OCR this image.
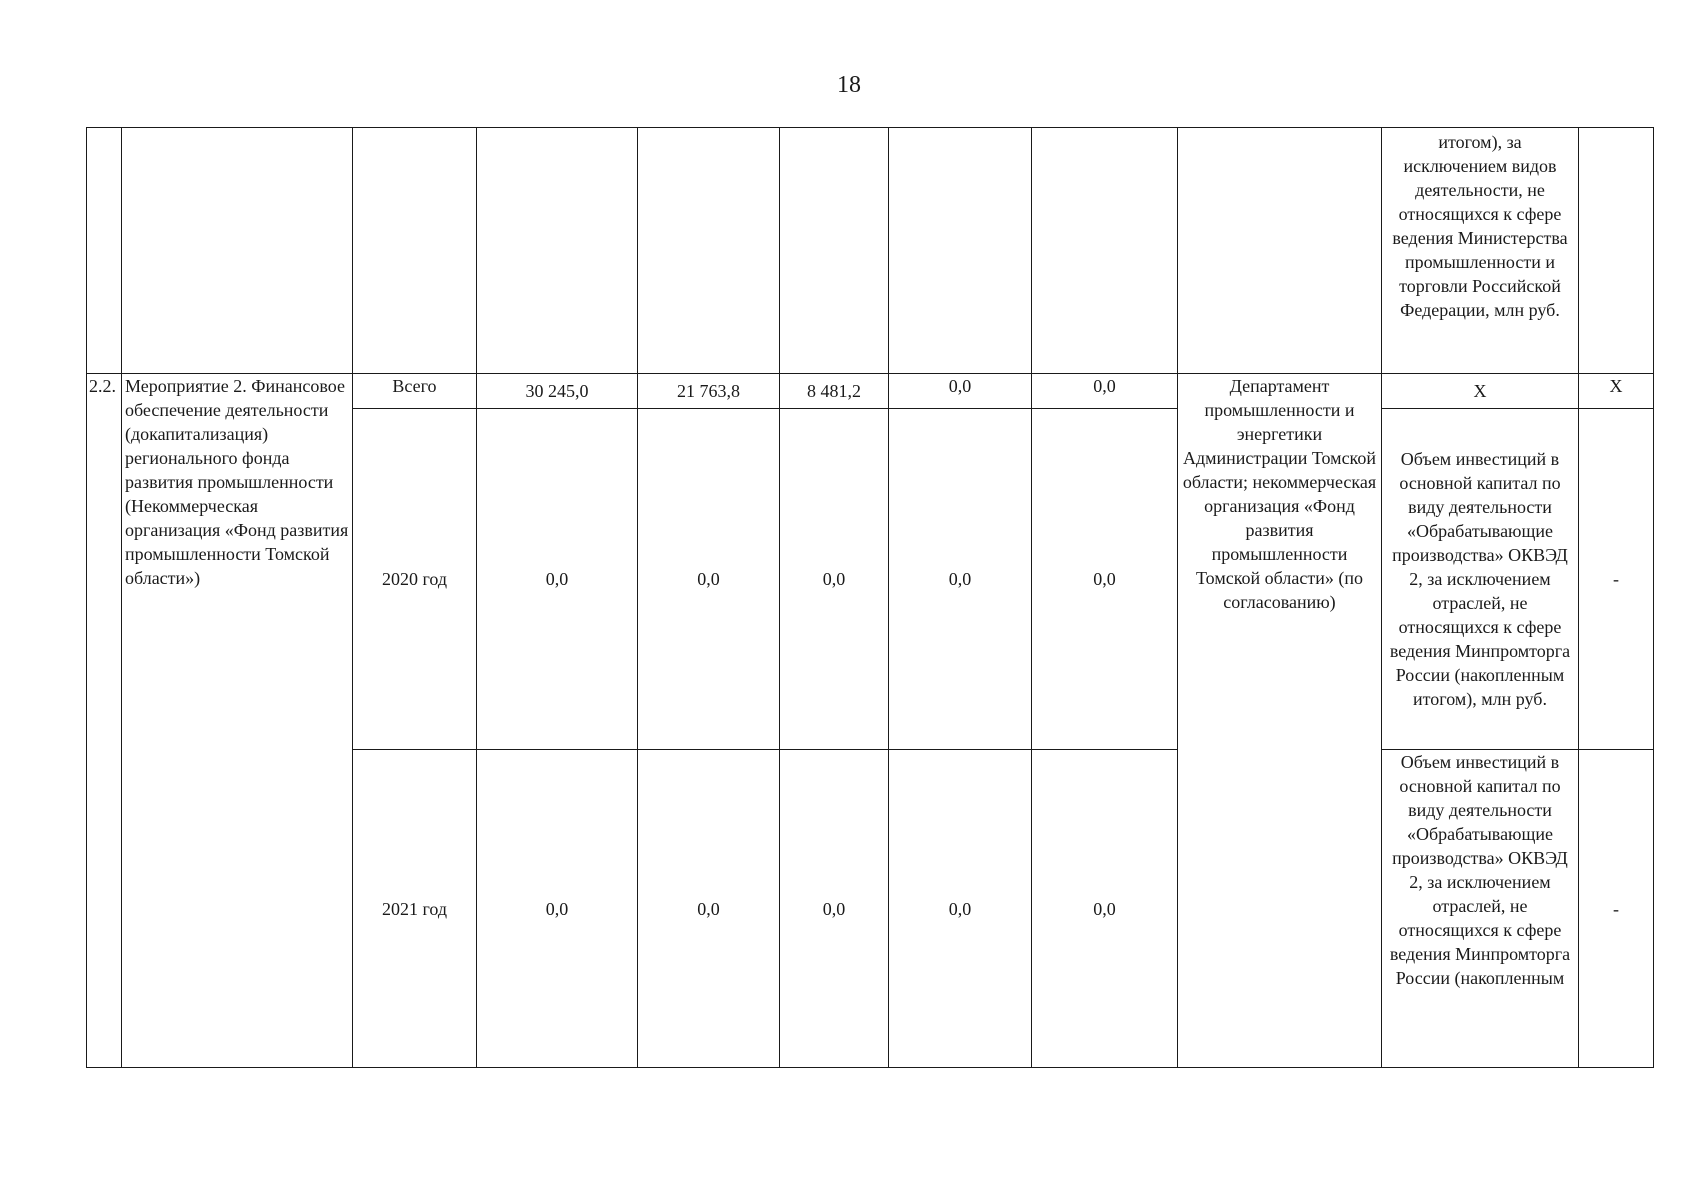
18

									итогом), за исключением видов деятельности, не относящихся к сфере ведения Министерства промышленности и торговли Российской Федерации, млн руб.	

2.2.	Мероприятие 2. Финансовое обеспечение деятельности (докапитализация) регионального фонда развития промышленности (Некоммерческая организация «Фонд развития промышленности Томской области»)	Всего	30 245,0	21 763,8	8 481,2	0,0	0,0	Департамент промышленности и энергетики Администрации Томской области; некоммерческая организация «Фонд развития промышленности Томской области» (по согласованию)	Х	Х
		2020 год	0,0	0,0	0,0	0,0	0,0		Объем инвестиций в основной капитал по виду деятельности «Обрабатывающие производства» ОКВЭД 2, за исключением отраслей, не относящихся к сфере ведения Минпромторга России (накопленным итогом), млн руб.	-
		2021 год	0,0	0,0	0,0	0,0	0,0		Объем инвестиций в основной капитал по виду деятельности «Обрабатывающие производства» ОКВЭД 2, за исключением отраслей, не относящихся к сфере ведения Минпромторга России (накопленным	-
